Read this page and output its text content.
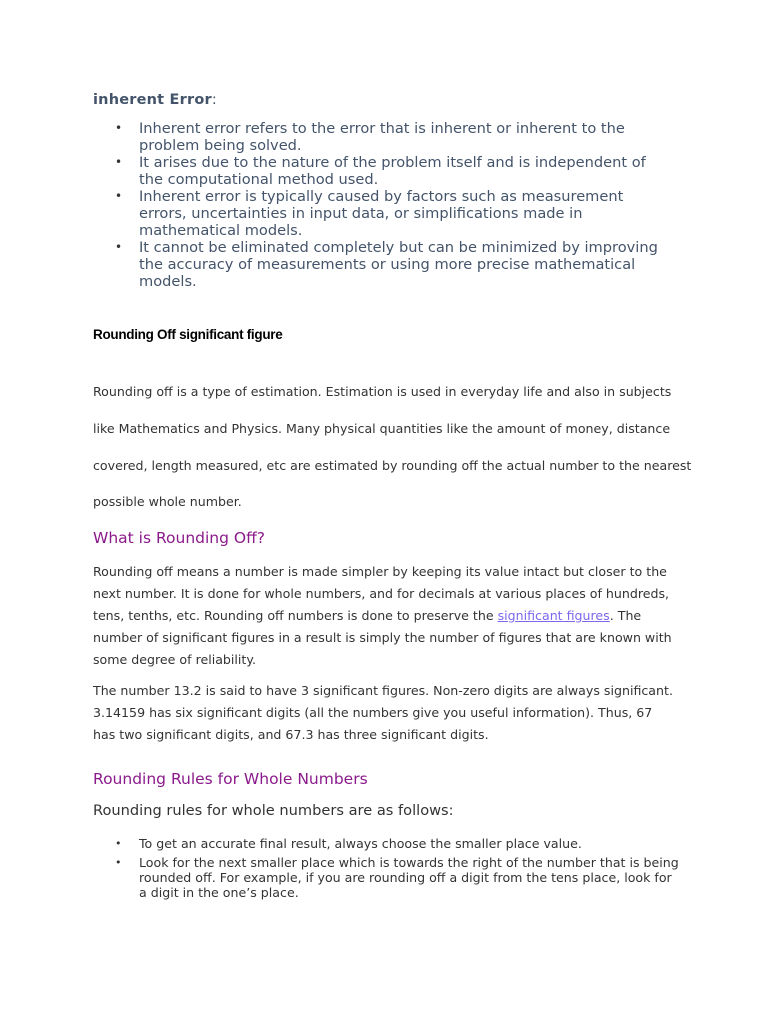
inherent Error:
• Inherent error refers to the error that is inherent or inherent to the problem being solved.
• It arises due to the nature of the problem itself and is independent of the computational method used.
• Inherent error is typically caused by factors such as measurement errors, uncertainties in input data, or simplifications made in mathematical models.
• It cannot be eliminated completely but can be minimized by improving the accuracy of measurements or using more precise mathematical models.
Rounding Off significant figure

Rounding off is a type of estimation. Estimation is used in everyday life and also in subjects like Mathematics and Physics. Many physical quantities like the amount of money, distance covered, length measured, etc are estimated by rounding off the actual number to the nearest possible whole number.

What is Rounding Off?

Rounding off means a number is made simpler by keeping its value intact but closer to the next number. It is done for whole numbers, and for decimals at various places of hundreds, tens, tenths, etc. Rounding off numbers is done to preserve the significant figures. The number of significant figures in a result is simply the number of figures that are known with some degree of reliability.

The number 13.2 is said to have 3 significant figures. Non-zero digits are always significant. 3.14159 has six significant digits (all the numbers give you useful information). Thus, 67 has two significant digits, and 67.3 has three significant digits.

Rounding Rules for Whole Numbers

Rounding rules for whole numbers are as follows:

• To get an accurate final result, always choose the smaller place value.
• Look for the next smaller place which is towards the right of the number that is being rounded off. For example, if you are rounding off a digit from the tens place, look for a digit in the one’s place.
